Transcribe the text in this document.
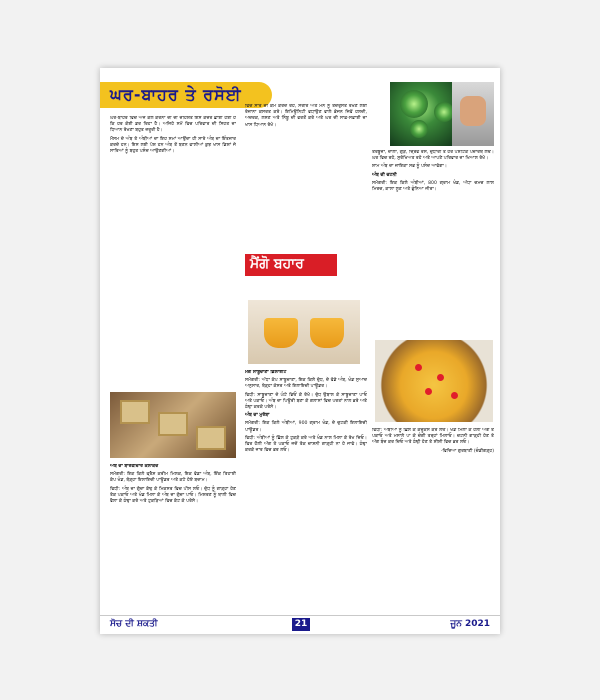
ਘਰ-ਬਾਹਰ ਤੇ ਰਸੋਈ

ਘਰ-ਬਾਹਰ ਵਿਚ ਅੱਜ ਕੱਲ ਕੋਰੋਨਾ ਦੀ ਦੀ ਦਹਿਸ਼ਤ ਇਸ ਕਦਰ ਛਾਈ ਹੋਈ ਹੈ ਕਿ ਹਰ ਕੋਈ ਡਰ ਰਿਹਾ ਹੈ। ਅਜਿਹੇ ਸਮੇਂ ਵਿਚ ਪਰਿਵਾਰ ਦੀ ਸਿਹਤ ਦਾ ਧਿਆਨ ਰੱਖਣਾ ਬਹੁਤ ਜ਼ਰੂਰੀ ਹੈ।

ਮੌਸਮ ਦੇ ਅੰਬ ਤੇ ਅੰਬੀਆਂ ਦਾ ਇਹ ਸਮਾਂ ਆਉਂਦਾ ਹੀ ਸਾਰੇ ਅੰਬ ਦਾ ਇੰਤਜ਼ਾਰ ਕਰਦੇ ਹਨ। ਇਸ ਲਈ ਪੇਸ਼ ਹਨ ਅੰਬ ਤੋਂ ਬਣਨ ਵਾਲੀਆਂ ਕੁਝ ਖਾਸ ਡਿਸ਼ਾਂ ਜੋ ਸਾਰਿਆਂ ਨੂੰ ਬਹੁਤ ਪਸੰਦ ਆਉਣਗੀਆਂ।

ਅੰਬ ਦਾ ਬਾਰਫੀਦਾਰ ਕਲਾਕੰਦ

ਸਮੱਗਰੀ: ਇਕ ਕਿਲੋ ਫ੍ਰੈਸ਼ ਕਰੀਮ ਮਿਲਕ, ਇਕ ਵੱਡਾ ਅੰਬ, ਇੱਕ ਤਿਹਾਈ ਕੱਪ ਖੰਡ, ਥੋੜ੍ਹਾ ਇਲਾਇਚੀ ਪਾਊਡਰ ਅਤੇ ਕਟੇ ਹੋਏ ਬਦਾਮ।

ਵਿਧੀ: ਅੰਬ ਦਾ ਗੁੱਦਾ ਕੱਢ ਕੇ ਮਿਕਸਰ ਵਿਚ ਪੀਸ ਲਓ। ਦੁੱਧ ਨੂੰ ਗਾੜ੍ਹਾ ਹੋਣ ਤੱਕ ਪਕਾਓ ਅਤੇ ਖੰਡ ਮਿਲਾ ਕੇ ਅੰਬ ਦਾ ਗੁੱਦਾ ਪਾਓ। ਮਿਸ਼ਰਣ ਨੂੰ ਥਾਲੀ ਵਿਚ ਫੈਲਾ ਕੇ ਠੰਢਾ ਕਰੋ ਅਤੇ ਟੁਕੜਿਆਂ ਵਿਚ ਕੱਟ ਕੇ ਪਰੋਸੋ।

ਵਿਚ ਸਾਰੇ ਦੀ ਕੰਮ ਕਰਦੇ ਰਹੋ, ਸਰੀਰ ਅਤੇ ਮਨ ਨੂੰ ਤੰਦਰੁਸਤ ਰੱਖਣ ਲਈ ਰੋਜ਼ਾਨਾ ਕਸਰਤ ਕਰੋ। ਇਮਿਊਨਿਟੀ ਵਧਾਉਣ ਵਾਲੇ ਭੋਜਨ ਜਿਵੇਂ ਹਲਦੀ, ਅਦਰਕ, ਲਸਣ ਅਤੇ ਨਿੰਬੂ ਦੀ ਵਰਤੋਂ ਕਰੋ ਅਤੇ ਘਰ ਦੀ ਸਾਫ਼-ਸਫ਼ਾਈ ਦਾ ਖਾਸ ਧਿਆਨ ਰੱਖੋ।

ਮੈਂਗੋ ਬਹਾਰ

ਮੈਂਗੋ ਸਾਬੂਦਾਣਾ ਡਿਲਾਈਟ

ਸਮੱਗਰੀ: ਅੱਧਾ ਕੱਪ ਸਾਬੂਦਾਣਾ, ਇਕ ਕਿਲੋ ਦੁੱਧ, ਦੋ ਵੱਡੇ ਅੰਬ, ਖੰਡ ਸੁਆਦ ਅਨੁਸਾਰ, ਥੋੜ੍ਹਾ ਕੇਸਰ ਅਤੇ ਇਲਾਇਚੀ ਪਾਊਡਰ।

ਵਿਧੀ: ਸਾਬੂਦਾਣਾ ਦੋ ਘੰਟੇ ਭਿਓਂ ਕੇ ਰੱਖੋ। ਦੁੱਧ ਉਬਾਲ ਕੇ ਸਾਬੂਦਾਣਾ ਪਾਓ ਅਤੇ ਪਕਾਓ। ਅੰਬ ਦਾ ਪਿਊਰੀ ਬਣਾ ਕੇ ਗਲਾਸਾਂ ਵਿਚ ਪਰਤਾਂ ਨਾਲ ਭਰੋ ਅਤੇ ਠੰਢਾ ਕਰਕੇ ਪਰੋਸੋ।

ਅੰਬ ਦਾ ਮੁਰੱਬਾ

ਸਮੱਗਰੀ: ਇਕ ਕਿਲੋ ਅੰਬੀਆਂ, 900 ਗ੍ਰਾਮ ਖੰਡ, ਦੋ ਚੁਟਕੀ ਇਲਾਇਚੀ ਪਾਊਡਰ।

ਵਿਧੀ: ਅੰਬੀਆਂ ਨੂੰ ਛਿੱਲ ਕੇ ਟੁਕੜੇ ਕਰੋ ਅਤੇ ਖੰਡ ਨਾਲ ਮਿਲਾ ਕੇ ਰੱਖ ਦਿਓ। ਫਿਰ ਹੌਲੀ ਅੱਗ ਤੇ ਪਕਾਓ ਜਦੋਂ ਤੱਕ ਚਾਸ਼ਨੀ ਗਾੜ੍ਹੀ ਨਾ ਹੋ ਜਾਵੇ। ਠੰਢਾ ਕਰਕੇ ਜਾਰ ਵਿਚ ਭਰ ਲਓ।

ਤਰਬੂਜ਼ਾਂ, ਦਾਲਾਂ, ਗੁੜ, ਦ੍ਰਿਵ ਰਸ, ਦੁਧਾਰੀ ਤੇ ਹੋਰ ਪੌਸ਼ਟਿਕ ਪਦਾਰਥ ਲਓ। ਘਰ ਵਿਚ ਰਹੋ, ਸੁਰੱਖਿਅਤ ਰਹੋ ਅਤੇ ਆਪਣੇ ਪਰਿਵਾਰ ਦਾ ਖਿਆਲ ਰੱਖੋ।

ਸ਼ਾਮ ਅੰਬ ਦਾ ਜ਼ਾਇਕਾ ਸਭ ਨੂੰ ਪਸੰਦ ਆਵੇਗਾ।

ਅੰਬ ਦੀ ਚਟਨੀ

ਸਮੱਗਰੀ: ਇਕ ਕਿਲੋ ਅੰਬੀਆਂ, 800 ਗ੍ਰਾਮ ਖੰਡ, ਅੱਧਾ ਚਮਚ ਲਾਲ ਮਿਰਚ, ਕਾਲਾ ਲੂਣ ਅਤੇ ਭੁੰਨਿਆ ਜੀਰਾ।

ਵਿਧੀ: ਅੰਬੀਆਂ ਨੂੰ ਛਿੱਲ ਕੇ ਕੱਦੂਕਸ ਕਰ ਲਓ। ਖੰਡ ਮਿਲਾ ਕੇ ਹੌਲੀ ਅੱਗ ਤੇ ਪਕਾਓ ਅਤੇ ਮਸਾਲੇ ਪਾ ਕੇ ਚੰਗੀ ਤਰ੍ਹਾਂ ਮਿਲਾਓ। ਚਟਨੀ ਗਾੜ੍ਹੀ ਹੋਣ ਤੇ ਅੱਗ ਬੰਦ ਕਰ ਦਿਓ ਅਤੇ ਠੰਢੀ ਹੋਣ ਤੇ ਸ਼ੀਸ਼ੀ ਵਿਚ ਭਰ ਲਓ।

-ਵਿਦਿਆ ਗੁਰਬਾਣੀ (ਚੰਡੀਗੜ੍ਹ)

ਸੋਚ ਦੀ ਸ਼ਕਤੀ	21	ਜੂਨ 2021
